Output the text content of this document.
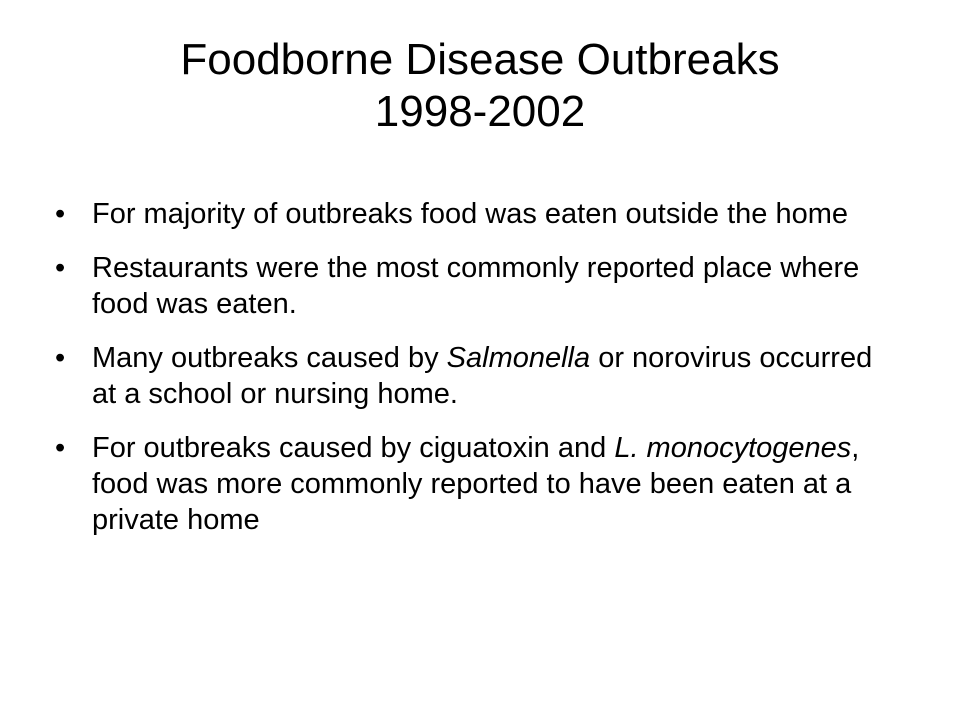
Foodborne Disease Outbreaks
1998-2002
• For majority of outbreaks food was eaten outside the home
• Restaurants were the most commonly reported place where food was eaten.
• Many outbreaks caused by Salmonella or norovirus occurred at a school or nursing home.
• For outbreaks caused by ciguatoxin and L. monocytogenes, food was more commonly reported to have been eaten at a private home
